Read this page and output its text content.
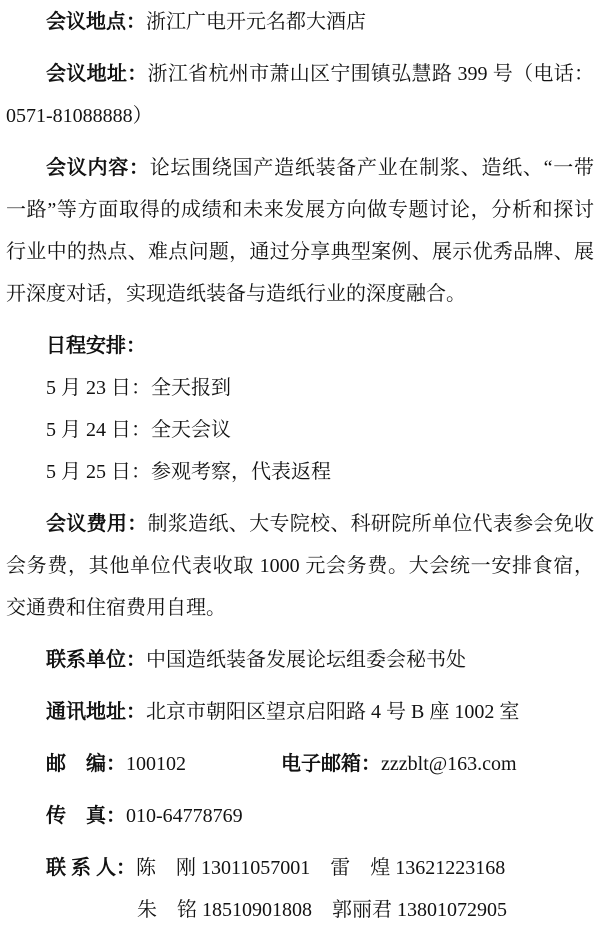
会议地点：浙江广电开元名都大酒店

会议地址：浙江省杭州市萧山区宁围镇弘慧路 399 号（电话：0571-81088888）

会议内容：论坛围绕国产造纸装备产业在制浆、造纸、“一带一路”等方面取得的成绩和未来发展方向做专题讨论，分析和探讨行业中的热点、难点问题，通过分享典型案例、展示优秀品牌、展开深度对话，实现造纸装备与造纸行业的深度融合。

日程安排：

5 月 23 日：全天报到

5 月 24 日：全天会议

5 月 25 日：参观考察，代表返程

会议费用：制浆造纸、大专院校、科研院所单位代表参会免收会务费，其他单位代表收取 1000 元会务费。大会统一安排食宿，交通费和住宿费用自理。

联系单位：中国造纸装备发展论坛组委会秘书处

通讯地址：北京市朝阳区望京启阳路 4 号 B 座 1002 室

邮　编：100102	电子邮箱：zzzblt@163.com

传　真：010-64778769

联 系 人：陈　刚 13011057001　雷　煌 13621223168
朱　铭 18510901808　郭丽君 13801072905
